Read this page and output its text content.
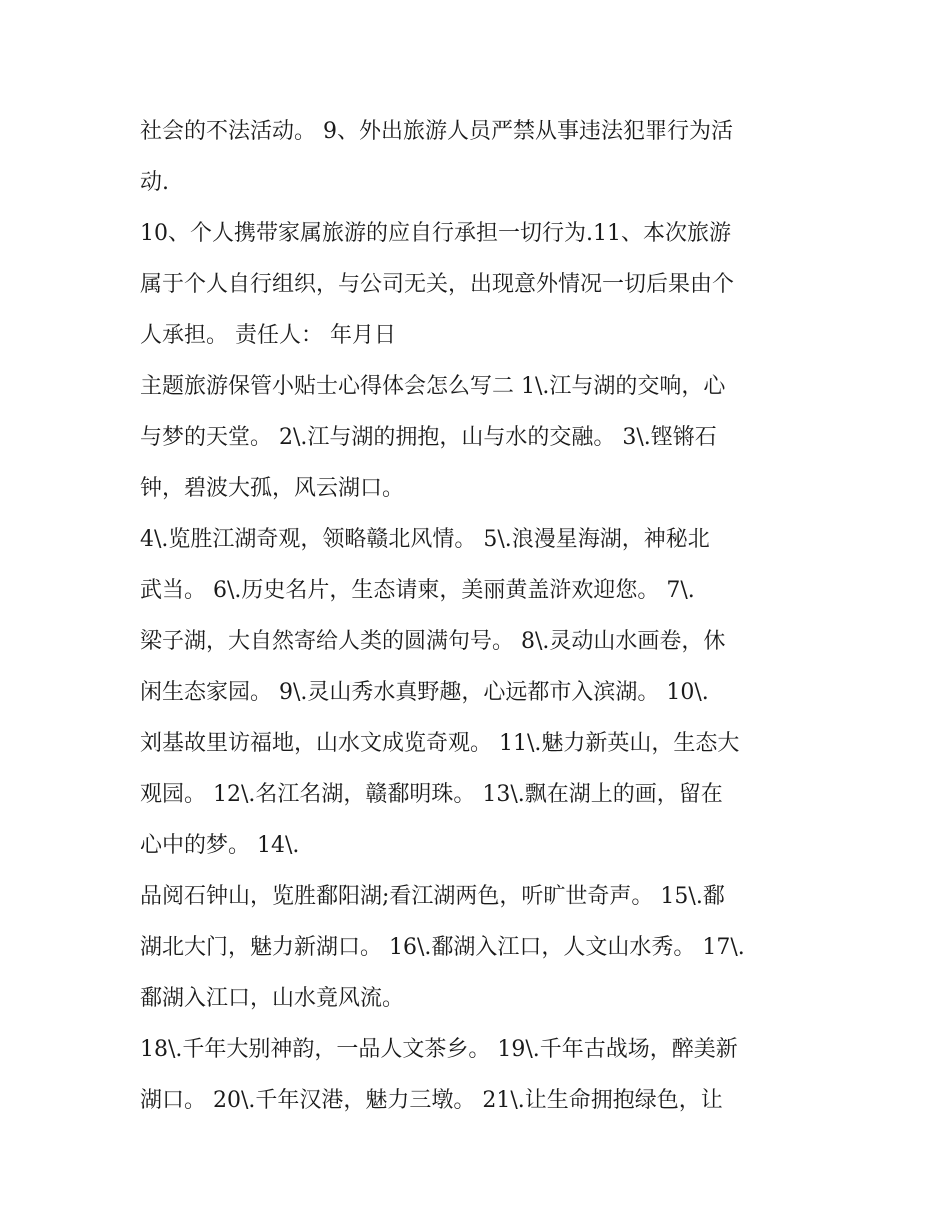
社会的不法活动。 9、外出旅游人员严禁从事违法犯罪行为活
动.
10、个人携带家属旅游的应自行承担一切行为.11、本次旅游
属于个人自行组织，与公司无关，出现意外情况一切后果由个
人承担。 责任人： 年月日
主题旅游保管小贴士心得体会怎么写二 1\.江与湖的交响，心
与梦的天堂。 2\.江与湖的拥抱，山与水的交融。 3\.铿锵石
钟，碧波大孤，风云湖口。
4\.览胜江湖奇观，领略赣北风情。 5\.浪漫星海湖，神秘北
武当。 6\.历史名片，生态请柬，美丽黄盖浒欢迎您。 7\.
梁子湖，大自然寄给人类的圆满句号。 8\.灵动山水画卷，休
闲生态家园。 9\.灵山秀水真野趣，心远都市入滨湖。 10\.
刘基故里访福地，山水文成览奇观。 11\.魅力新英山，生态大
观园。 12\.名江名湖，赣鄱明珠。 13\.飘在湖上的画，留在
心中的梦。 14\.
品阅石钟山，览胜鄱阳湖;看江湖两色，听旷世奇声。 15\.鄱
湖北大门，魅力新湖口。 16\.鄱湖入江口，人文山水秀。 17\.
鄱湖入江口，山水竟风流。
18\.千年大别神韵，一品人文茶乡。 19\.千年古战场，醉美新
湖口。 20\.千年汉港，魅力三墩。 21\.让生命拥抱绿色，让
